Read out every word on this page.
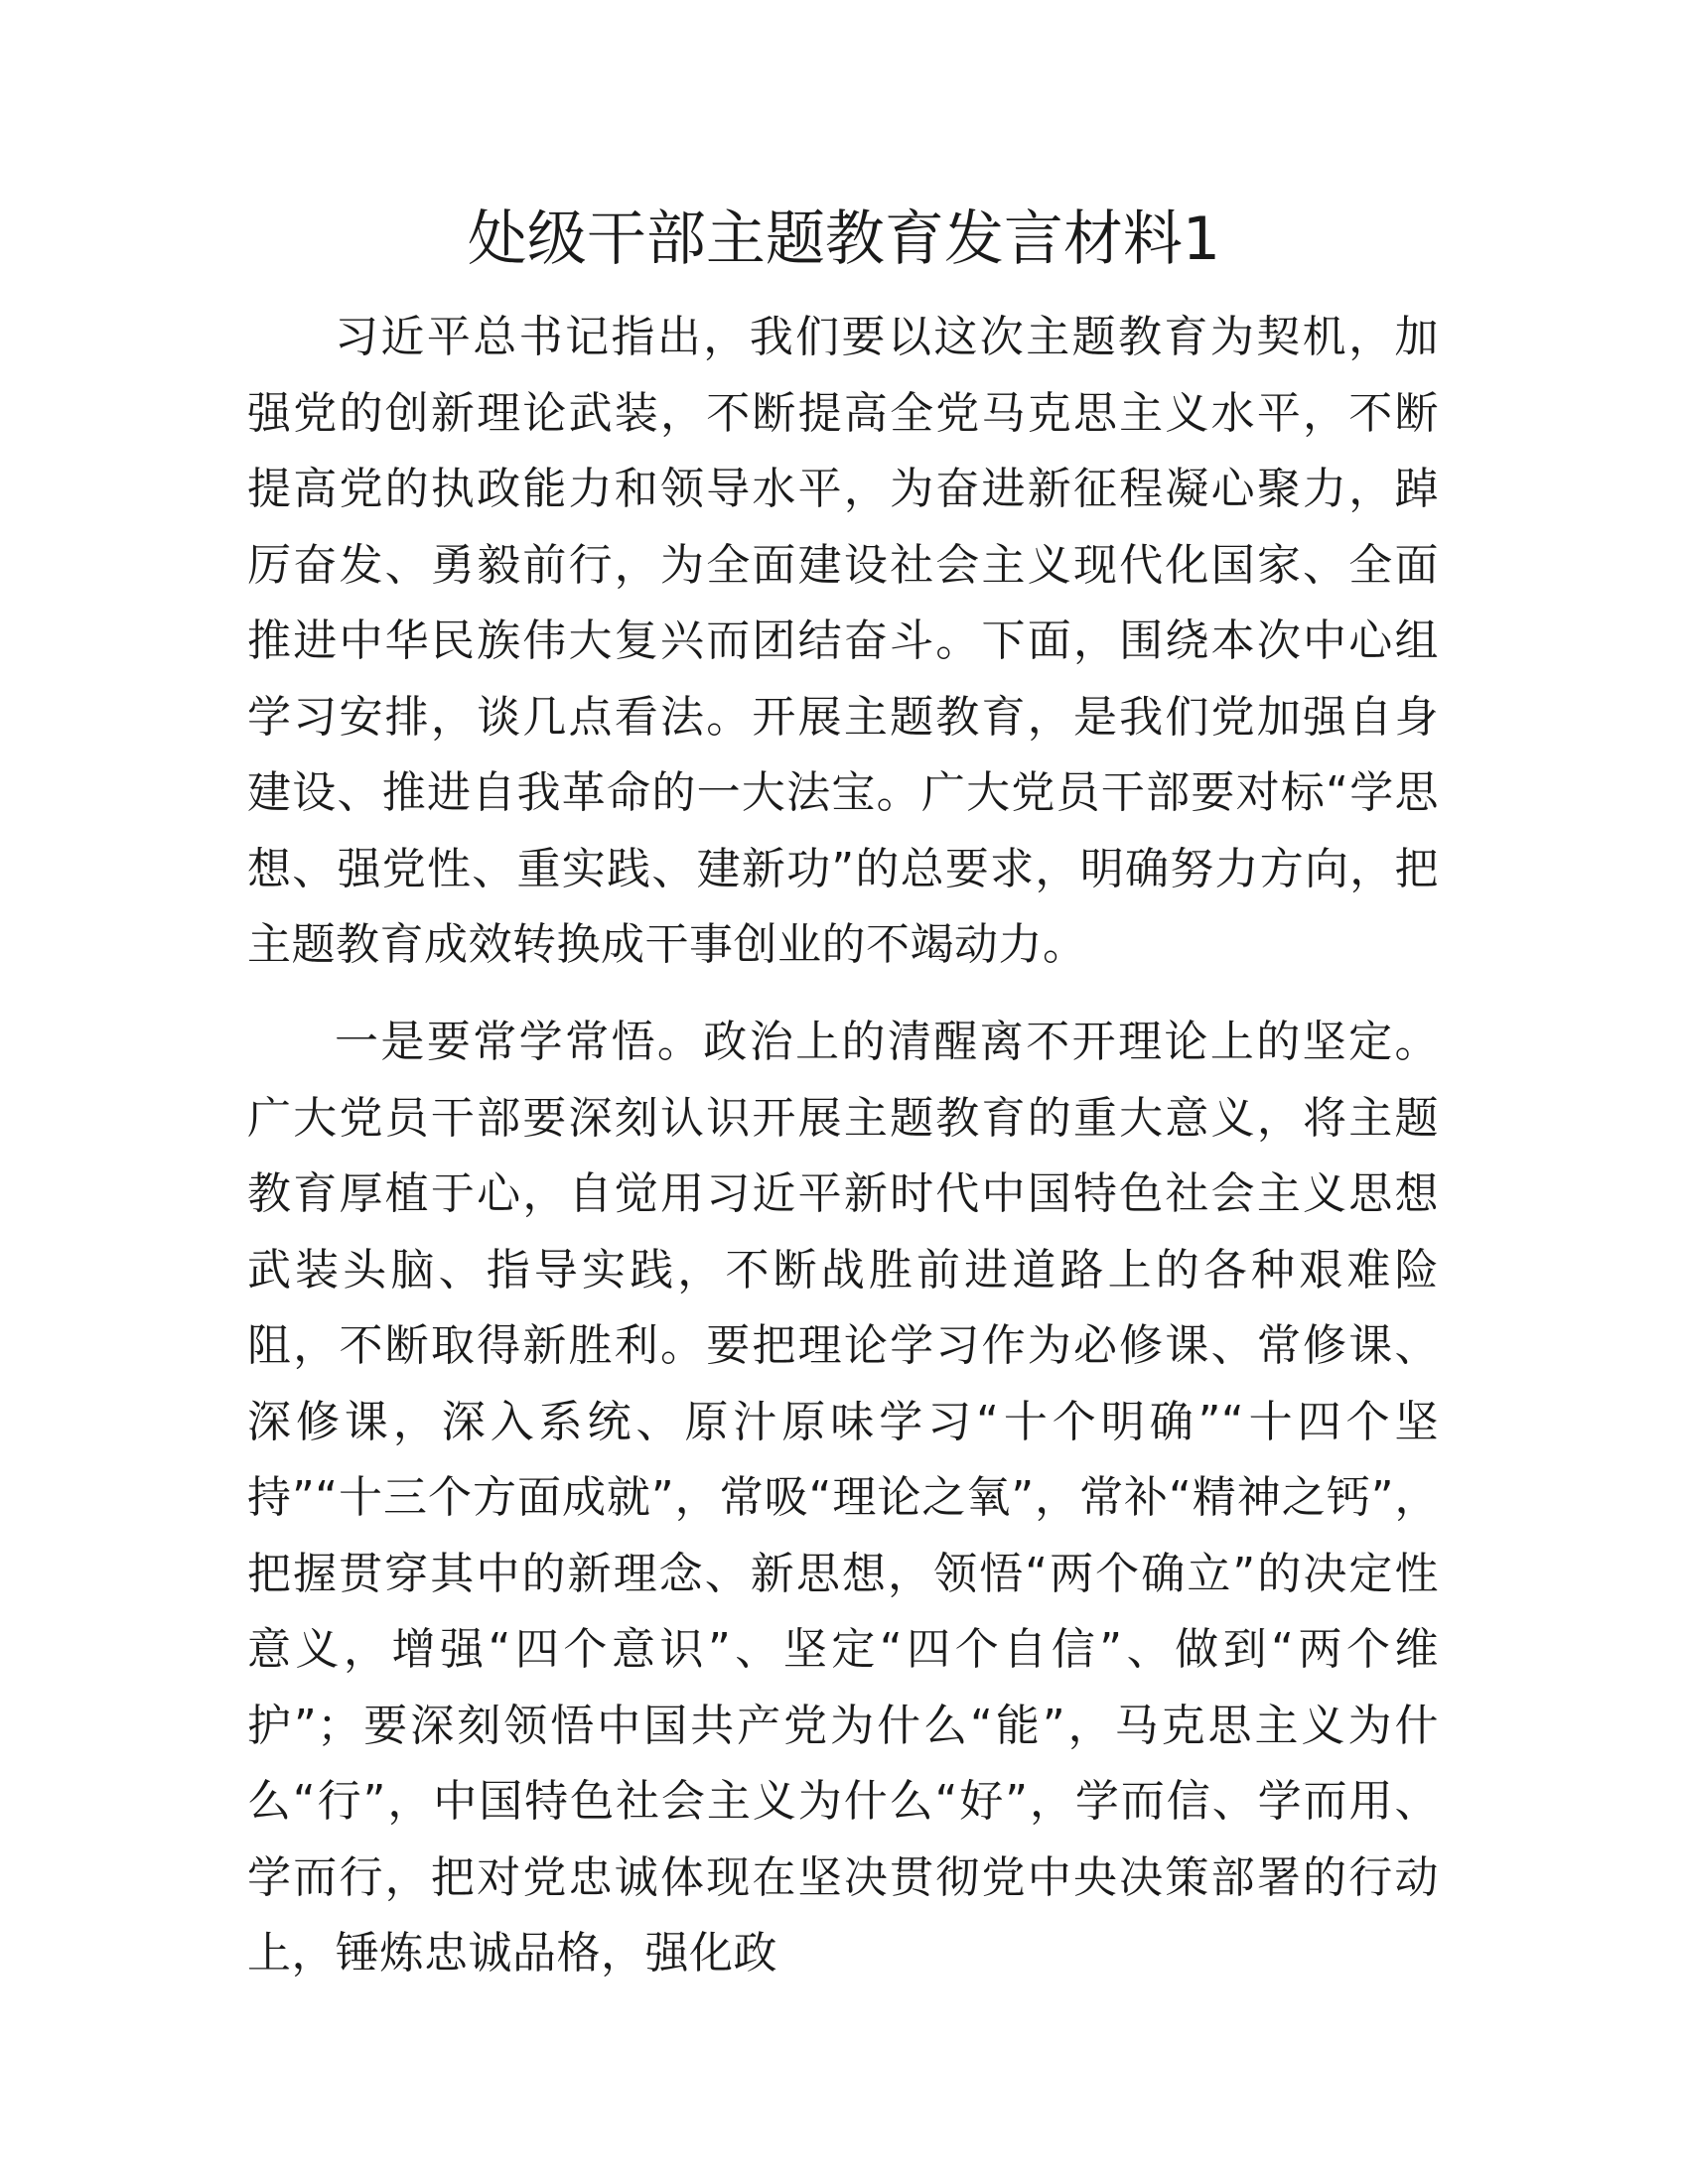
处级干部主题教育发言材料1

习近平总书记指出，我们要以这次主题教育为契机，加强党的创新理论武装，不断提高全党马克思主义水平，不断提高党的执政能力和领导水平，为奋进新征程凝心聚力，踔厉奋发、勇毅前行，为全面建设社会主义现代化国家、全面推进中华民族伟大复兴而团结奋斗。下面，围绕本次中心组学习安排，谈几点看法。开展主题教育，是我们党加强自身建设、推进自我革命的一大法宝。广大党员干部要对标“学思想、强党性、重实践、建新功”的总要求，明确努力方向，把主题教育成效转换成干事创业的不竭动力。

一是要常学常悟。政治上的清醒离不开理论上的坚定。广大党员干部要深刻认识开展主题教育的重大意义，将主题教育厚植于心，自觉用习近平新时代中国特色社会主义思想武装头脑、指导实践，不断战胜前进道路上的各种艰难险阻，不断取得新胜利。要把理论学习作为必修课、常修课、深修课，深入系统、原汁原味学习“十个明确”“十四个坚持”“十三个方面成就”，常吸“理论之氧”，常补“精神之钙”，把握贯穿其中的新理念、新思想，领悟“两个确立”的决定性意义，增强“四个意识”、坚定“四个自信”、做到“两个维护”；要深刻领悟中国共产党为什么“能”，马克思主义为什么“行”，中国特色社会主义为什么“好”，学而信、学而用、学而行，把对党忠诚体现在坚决贯彻党中央决策部署的行动上，锤炼忠诚品格，强化政
